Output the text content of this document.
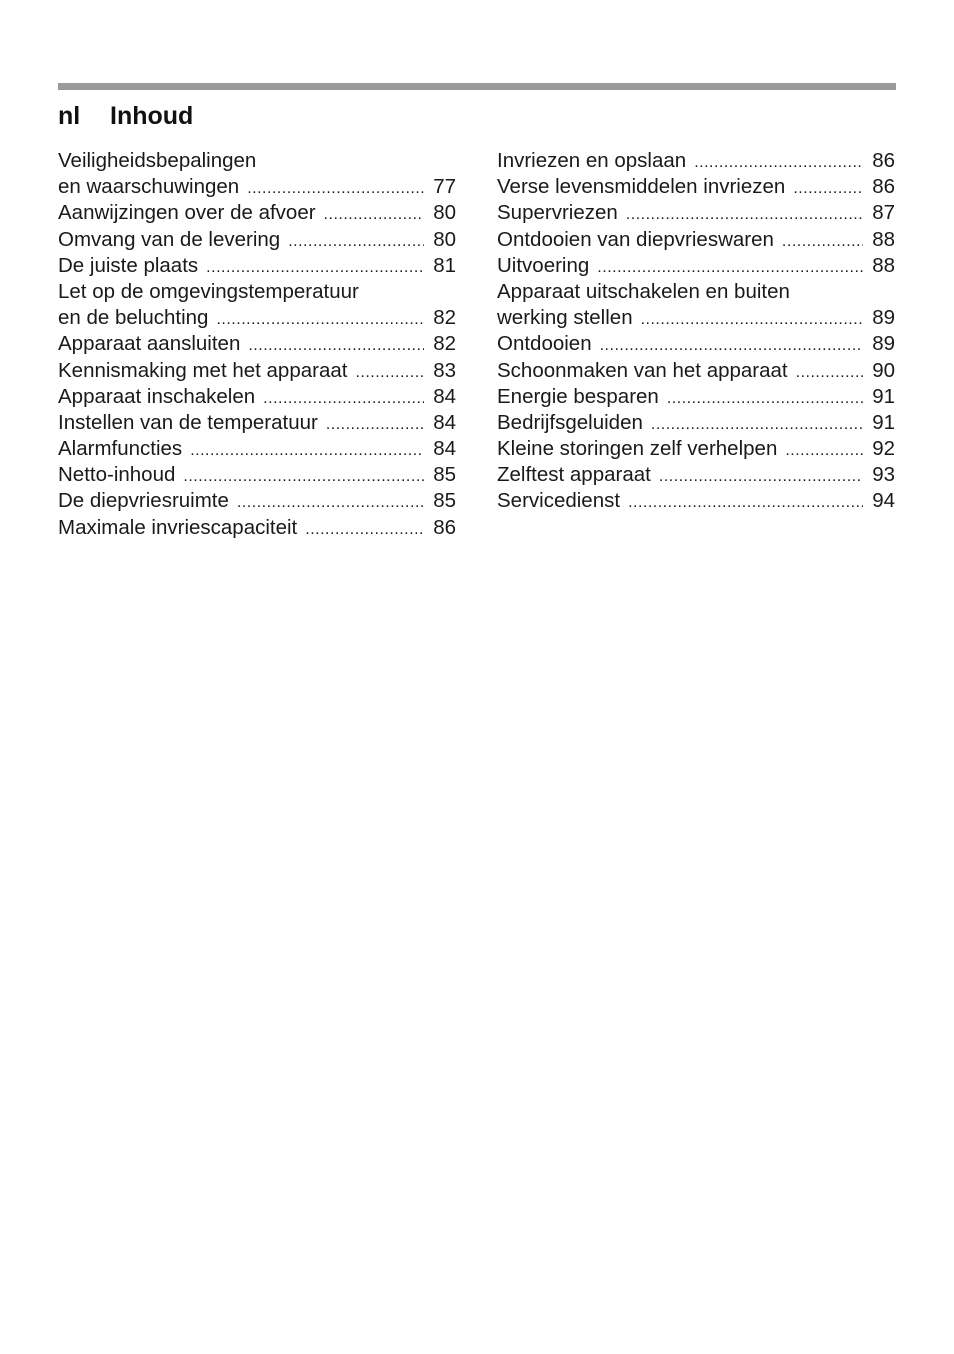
nl Inhoud
Veiligheidsbepalingen
en waarschuwingen .....	77
Aanwijzingen over de afvoer .....	80
Omvang van de levering .....	80
De juiste plaats .....	81
Let op de omgevingstemperatuur
en de beluchting .....	82
Apparaat aansluiten .....	82
Kennismaking met het apparaat .....	83
Apparaat inschakelen .....	84
Instellen van de temperatuur .....	84
Alarmfuncties .....	84
Netto-inhoud .....	85
De diepvriesruimte .....	85
Maximale invriescapaciteit .....	86
Invriezen en opslaan .....	86
Verse levensmiddelen invriezen .....	86
Supervriezen .....	87
Ontdooien van diepvrieswaren .....	88
Uitvoering .....	88
Apparaat uitschakelen en buiten
werking stellen .....	89
Ontdooien .....	89
Schoonmaken van het apparaat .....	90
Energie besparen .....	91
Bedrijfsgeluiden .....	91
Kleine storingen zelf verhelpen .....	92
Zelftest apparaat .....	93
Servicedienst .....	94
